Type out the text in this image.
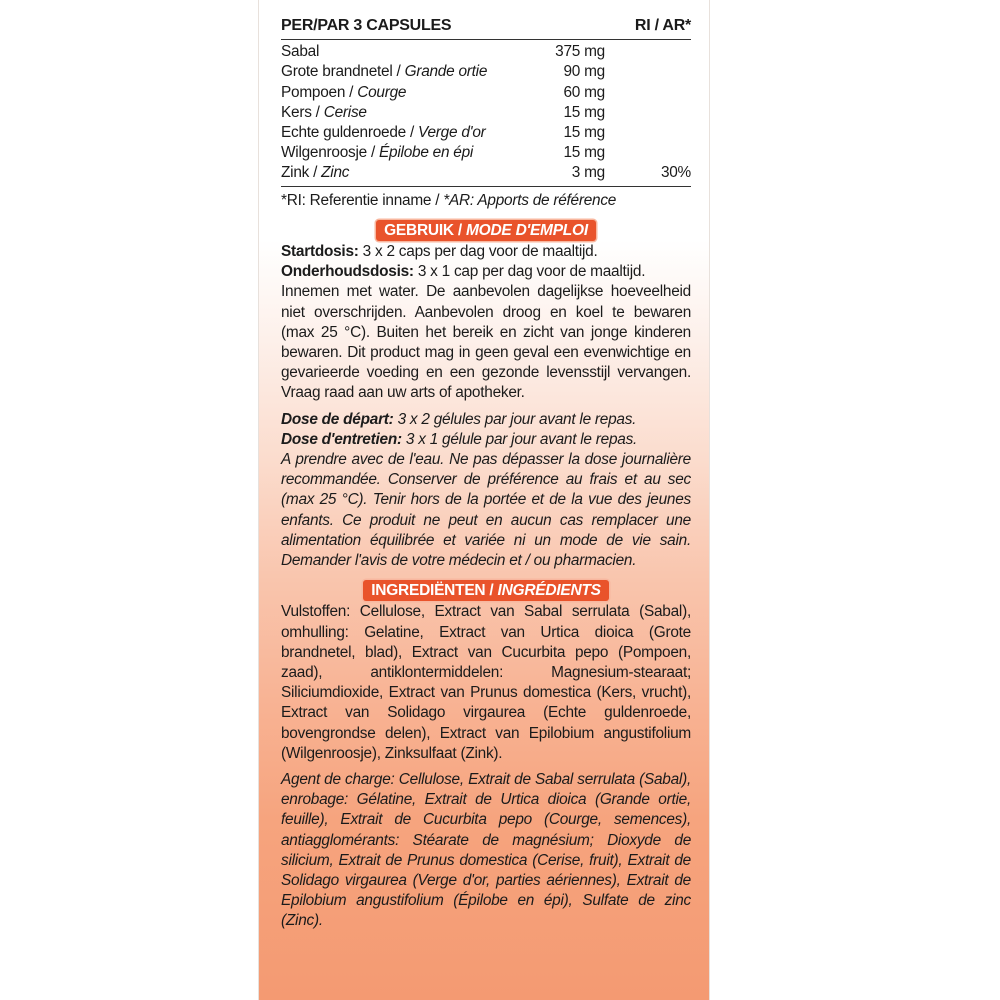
PER/PAR 3 CAPSULES	RI / AR*
Sabal	375 mg
Grote brandnetel / Grande ortie	90 mg
Pompoen / Courge	60 mg
Kers / Cerise	15 mg
Echte guldenroede / Verge d'or	15 mg
Wilgenroosje / Épilobe en épi	15 mg
Zink / Zinc	3 mg	30%
*RI: Referentie inname / *AR: Apports de référence
GEBRUIK / MODE D'EMPLOI

Startdosis: 3 x 2 caps per dag voor de maaltijd.

Onderhoudsdosis: 3 x 1 cap per dag voor de maaltijd.

Innemen met water. De aanbevolen dagelijkse hoeveelheid niet overschrijden. Aanbevolen droog en koel te bewaren (max 25 °C). Buiten het bereik en zicht van jonge kinderen bewaren. Dit product mag in geen geval een evenwichtige en gevarieerde voeding en een gezonde levensstijl vervangen. Vraag raad aan uw arts of apotheker.

Dose de départ: 3 x 2 gélules par jour avant le repas.

Dose d'entretien: 3 x 1 gélule par jour avant le repas.

A prendre avec de l'eau. Ne pas dépasser la dose journalière recommandée. Conserver de préférence au frais et au sec (max 25 °C). Tenir hors de la portée et de la vue des jeunes enfants. Ce produit ne peut en aucun cas remplacer une alimentation équilibrée et variée ni un mode de vie sain. Demander l'avis de votre médecin et / ou pharmacien.

INGREDIËNTEN / INGRÉDIENTS

Vulstoffen: Cellulose, Extract van Sabal serrulata (Sabal), omhulling: Gelatine, Extract van Urtica dioica (Grote brandnetel, blad), Extract van Cucurbita pepo (Pompoen, zaad), antiklontermiddelen: Magnesium-stearaat; Siliciumdioxide, Extract van Prunus domestica (Kers, vrucht), Extract van Solidago virgaurea (Echte guldenroede, bovengrondse delen), Extract van Epilobium angustifolium (Wilgenroosje), Zinksulfaat (Zink).

Agent de charge: Cellulose, Extrait de Sabal serrulata (Sabal), enrobage: Gélatine, Extrait de Urtica dioica (Grande ortie, feuille), Extrait de Cucurbita pepo (Courge, semences), antiagglomérants: Stéarate de magnésium; Dioxyde de silicium, Extrait de Prunus domestica (Cerise, fruit), Extrait de Solidago virgaurea (Verge d'or, parties aériennes), Extrait de Epilobium angustifolium (Épilobe en épi), Sulfate de zinc (Zinc).
